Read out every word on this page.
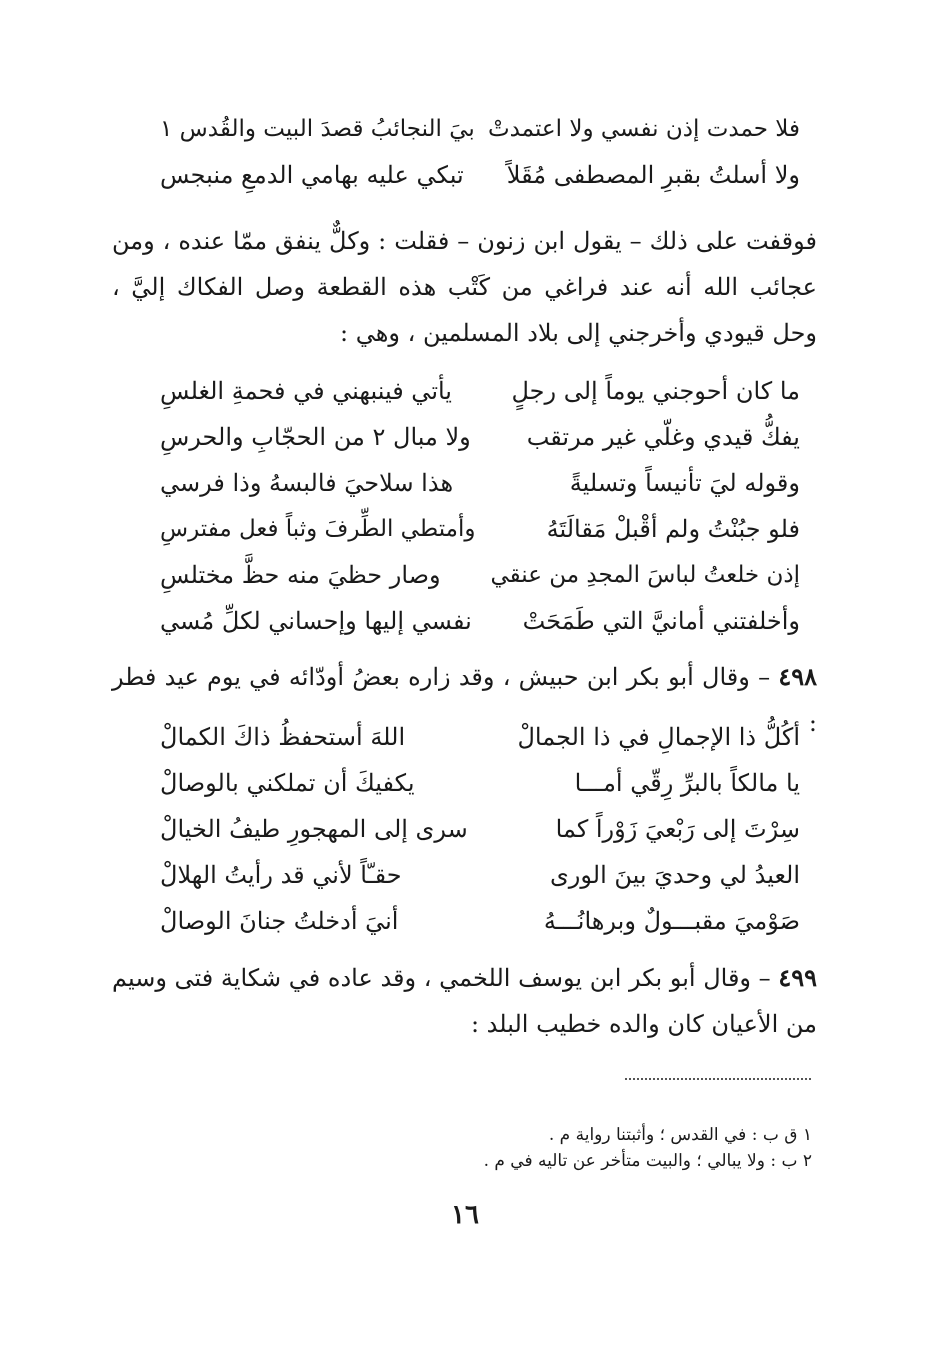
فلا حمدت إذن نفسي ولا اعتمدتْ
بيَ النجائبُ قصدَ البيت والقُدس ١
ولا أسلتُ بقبرِ المصطفى مُقَلاً
تبكي عليه بهامي الدمعِ منبجس

فوقفت على ذلك – يقول ابن زنون – فقلت : وكلٌّ ينفق ممّا عنده ، ومن عجائب الله أنه عند فراغي من كَتْب هذه القطعة وصل الفكاك إليَّ ، وحل قيودي وأخرجني إلى بلاد المسلمين ، وهي :

ما كان أحوجني يوماً إلى رجلٍ
يأتي فينبهني في فحمةِ الغلسِ
يفكُّ قيدي وغلّي غير مرتقب
ولا مبال ٢ من الحجّابِ والحرسِ
وقوله ليَ تأنيساً وتسليةً
هذا سلاحيَ فالبسهُ وذا فرسي
فلو جبُنْتُ ولم أقْبلْ مَقالَتَهُ
وأمتطي الطِّرفَ وثباً فعل مفترسِ
إذن خلعتُ لباسَ المجدِ من عنقي
وصار حظيَ منه حظَّ مختلسِ
وأخلفتني أمانيَّ التي طَمَحَتْ
نفسي إليها وإحساني لكلِّ مُسي

٤٩٨ – وقال أبو بكر ابن حبيش ، وقد زاره بعضُ أودّائه في يوم عيد فطر :

أكُلُّ ذا الإجمالِ في ذا الجمالْ
اللهَ أستحفظُ ذاكَ الكمالْ
يا مالكاً بالبرِّ رِقّي أمـــا
يكفيكَ أن تملكني بالوصالْ
سِرْتَ إلى رَبْعيَ زَوْراً كما
سرى إلى المهجورِ طيفُ الخيالْ
العيدُ لي وحديَ بينَ الورى
حقـّاً لأني قد رأيتُ الهلالْ
صَوْميَ مقبـــولٌ وبرهانُـــهُ
أنيَ أدخلتُ جنانَ الوصالْ

٤٩٩ – وقال أبو بكر ابن يوسف اللخمي ، وقد عاده في شكاية فتى وسيم من الأعيان كان والده خطيب البلد :

١ ق ب : في القدس ؛ وأثبتنا رواية م .
٢ ب : ولا يبالي ؛ والبيت متأخر عن تاليه في م .
١٦
